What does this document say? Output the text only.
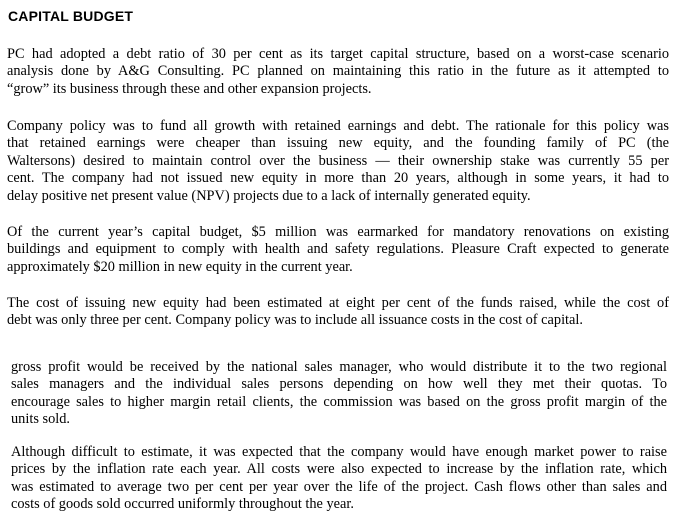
CAPITAL BUDGET
PC had adopted a debt ratio of 30 per cent as its target capital structure, based on a worst-case scenario
analysis done by A&G Consulting. PC planned on maintaining this ratio in the future as it attempted to
“grow” its business through these and other expansion projects.
Company policy was to fund all growth with retained earnings and debt. The rationale for this policy was
that retained earnings were cheaper than issuing new equity, and the founding family of PC (the
Waltersons) desired to maintain control over the business — their ownership stake was currently 55 per
cent. The company had not issued new equity in more than 20 years, although in some years, it had to
delay positive net present value (NPV) projects due to a lack of internally generated equity.
Of the current year’s capital budget, $5 million was earmarked for mandatory renovations on existing
buildings and equipment to comply with health and safety regulations. Pleasure Craft expected to generate
approximately $20 million in new equity in the current year.
The cost of issuing new equity had been estimated at eight per cent of the funds raised, while the cost of
debt was only three per cent. Company policy was to include all issuance costs in the cost of capital.
gross profit would be received by the national sales manager, who would distribute it to the two regional
sales managers and the individual sales persons depending on how well they met their quotas. To
encourage sales to higher margin retail clients, the commission was based on the gross profit margin of the
units sold.
Although difficult to estimate, it was expected that the company would have enough market power to raise
prices by the inflation rate each year. All costs were also expected to increase by the inflation rate, which
was estimated to average two per cent per year over the life of the project. Cash flows other than sales and
costs of goods sold occurred uniformly throughout the year.
